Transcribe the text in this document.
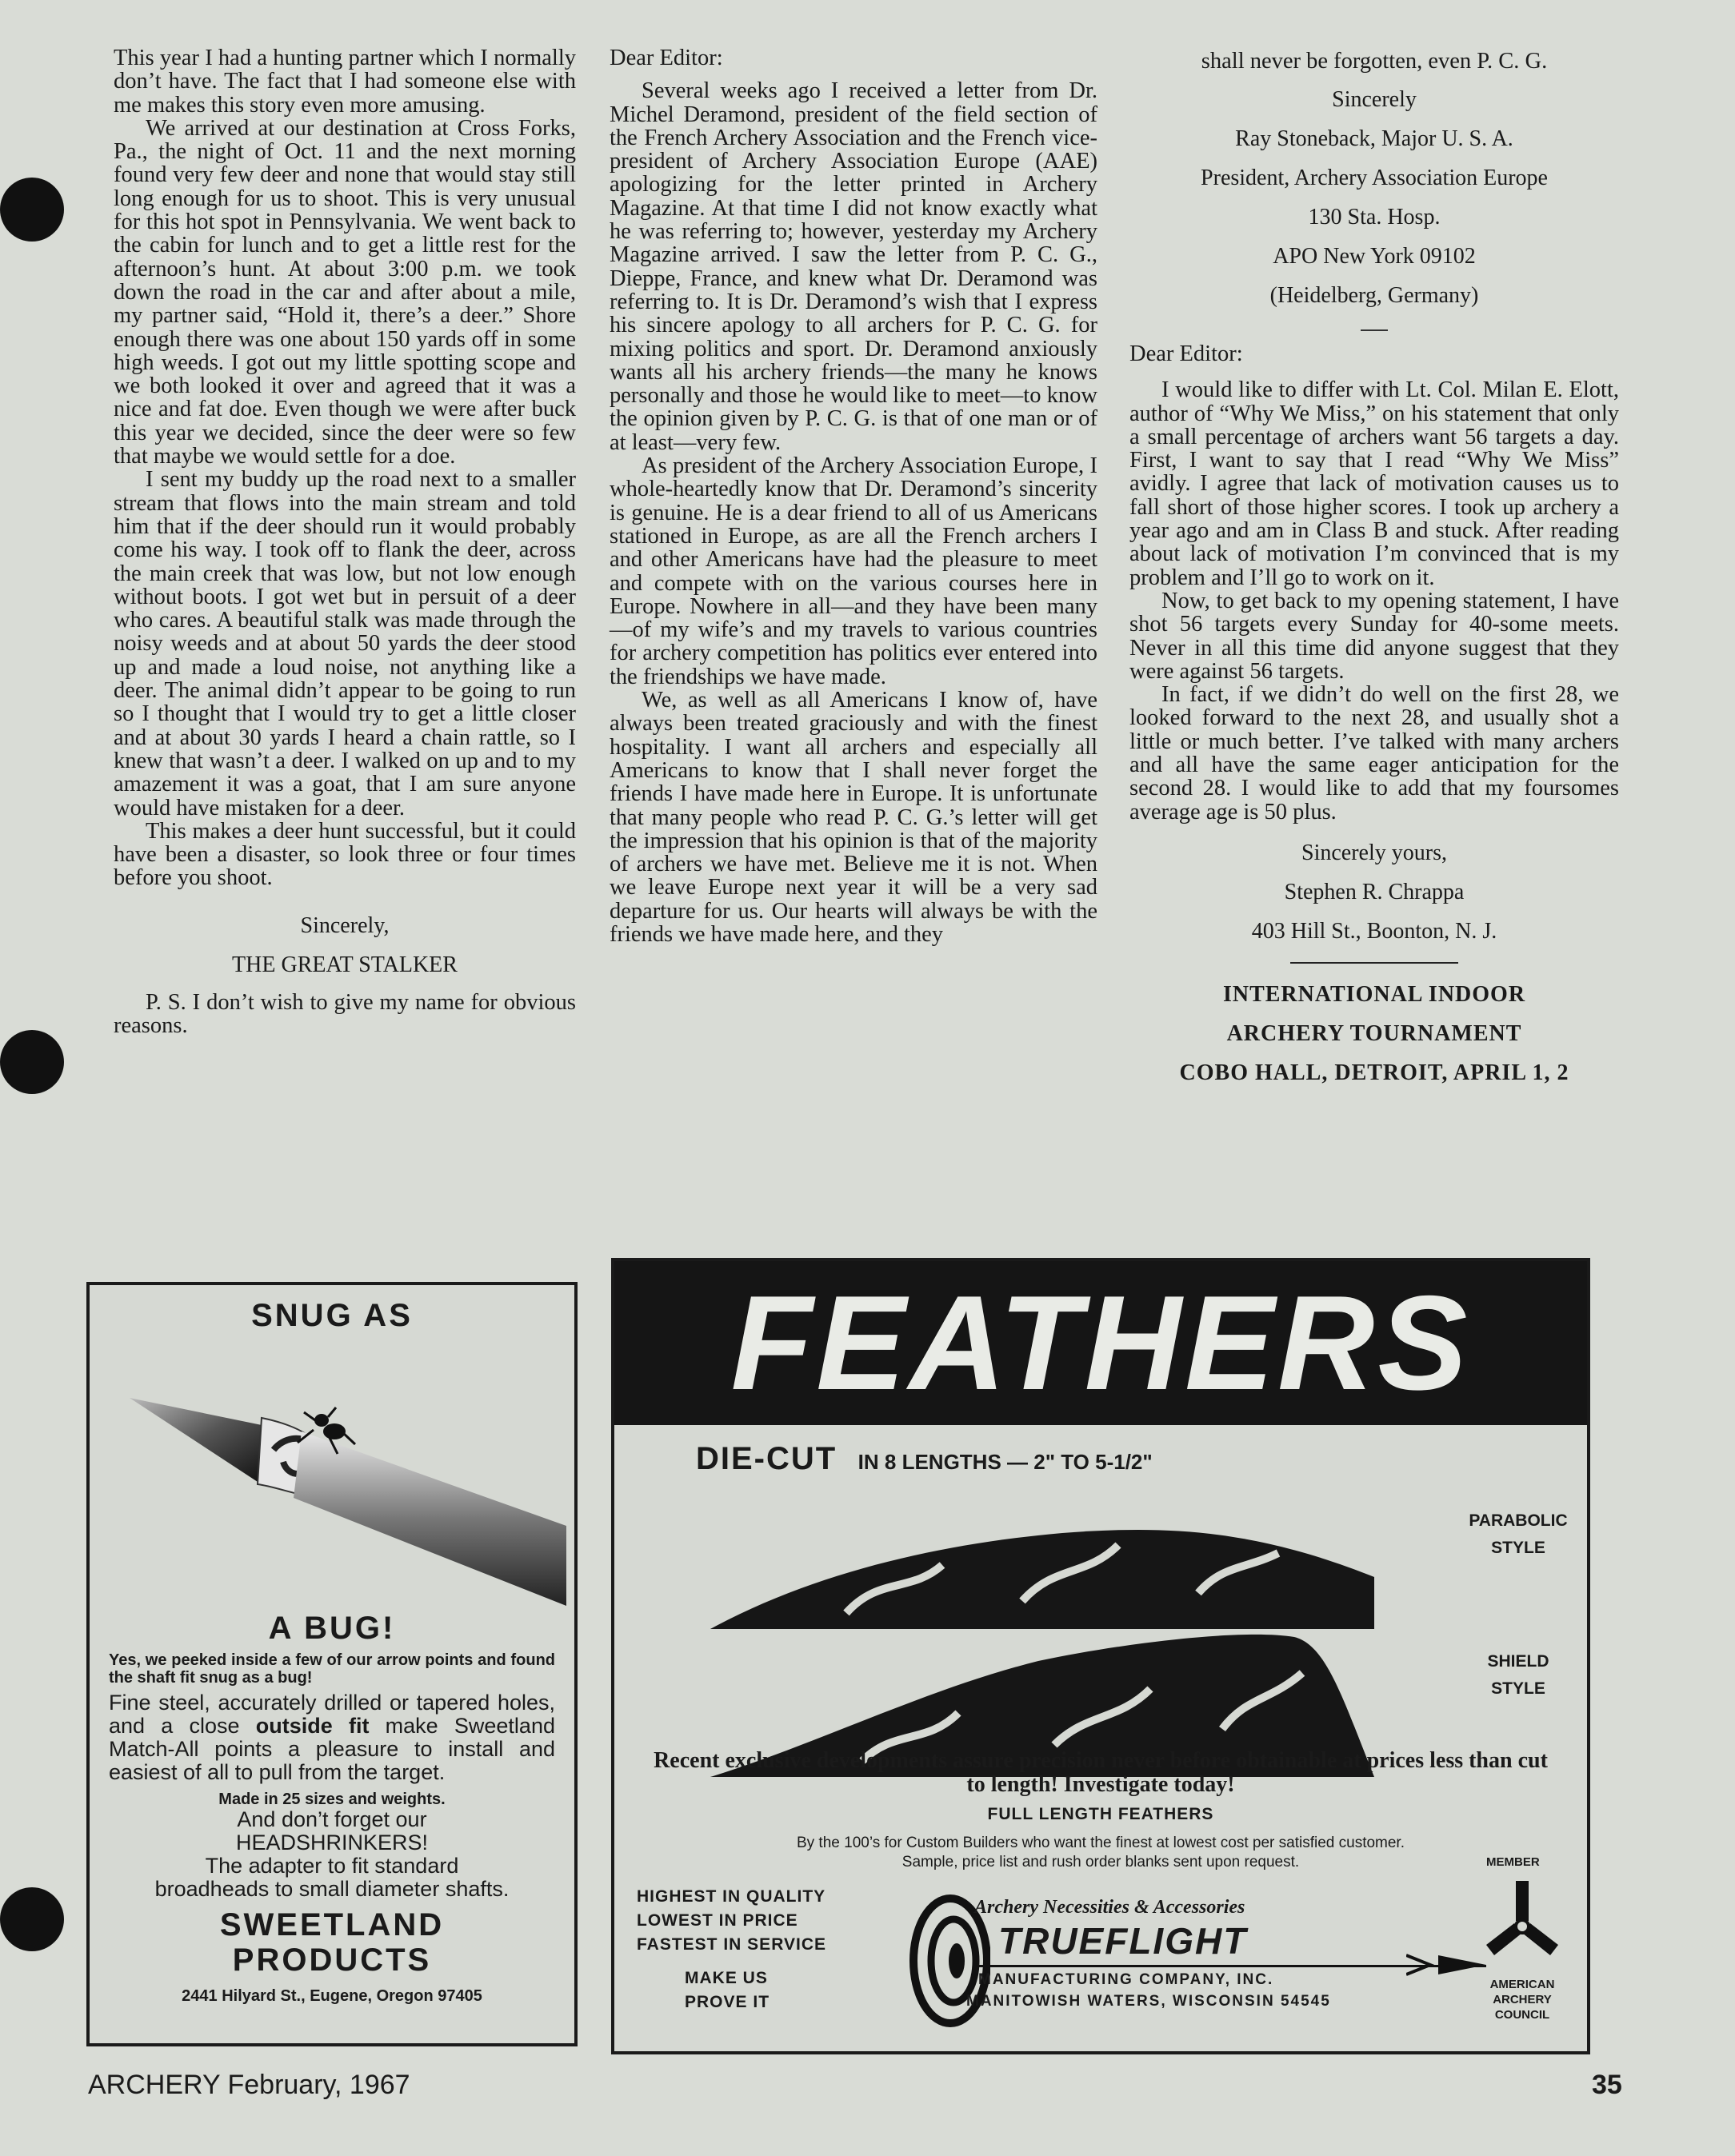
This year I had a hunting partner which I normally don’t have. The fact that I had someone else with me makes this story even more amusing.

We arrived at our destination at Cross Forks, Pa., the night of Oct. 11 and the next morning found very few deer and none that would stay still long enough for us to shoot. This is very unusual for this hot spot in Pennsylvania. We went back to the cabin for lunch and to get a little rest for the afternoon’s hunt. At about 3:00 p.m. we took down the road in the car and after about a mile, my partner said, “Hold it, there’s a deer.” Shore enough there was one about 150 yards off in some high weeds. I got out my little spotting scope and we both looked it over and agreed that it was a nice and fat doe. Even though we were after buck this year we decided, since the deer were so few that maybe we would settle for a doe.

I sent my buddy up the road next to a smaller stream that flows into the main stream and told him that if the deer should run it would probably come his way. I took off to flank the deer, across the main creek that was low, but not low enough without boots. I got wet but in persuit of a deer who cares. A beautiful stalk was made through the noisy weeds and at about 50 yards the deer stood up and made a loud noise, not anything like a deer. The animal didn’t appear to be going to run so I thought that I would try to get a little closer and at about 30 yards I heard a chain rattle, so I knew that wasn’t a deer. I walked on up and to my amazement it was a goat, that I am sure anyone would have mistaken for a deer.

This makes a deer hunt successful, but it could have been a disaster, so look three or four times before you shoot.

Sincerely,

THE GREAT STALKER

P. S. I don’t wish to give my name for obvious reasons.

Dear Editor:

Several weeks ago I received a letter from Dr. Michel Deramond, president of the field section of the French Archery Association and the French vice-president of Archery Association Europe (AAE) apologizing for the letter printed in Archery Magazine. At that time I did not know exactly what he was referring to; however, yesterday my Archery Magazine arrived. I saw the letter from P. C. G., Dieppe, France, and knew what Dr. Deramond was referring to. It is Dr. Deramond’s wish that I express his sincere apology to all archers for P. C. G. for mixing politics and sport. Dr. Deramond anxiously wants all his archery friends—the many he knows personally and those he would like to meet—to know the opinion given by P. C. G. is that of one man or of at least—very few.

As president of the Archery Association Europe, I whole-heartedly know that Dr. Deramond’s sincerity is genuine. He is a dear friend to all of us Americans stationed in Europe, as are all the French archers I and other Americans have had the pleasure to meet and compete with on the various courses here in Europe. Nowhere in all—and they have been many—of my wife’s and my travels to various countries for archery competition has politics ever entered into the friendships we have made.

We, as well as all Americans I know of, have always been treated graciously and with the finest hospitality. I want all archers and especially all Americans to know that I shall never forget the friends I have made here in Europe. It is unfortunate that many people who read P. C. G.’s letter will get the impression that his opinion is that of the majority of archers we have met. Believe me it is not. When we leave Europe next year it will be a very sad departure for us. Our hearts will always be with the friends we have made here, and they

shall never be forgotten, even P. C. G.

Sincerely

Ray Stoneback, Major U. S. A.

President, Archery Association Europe

130 Sta. Hosp.

APO New York 09102

(Heidelberg, Germany)

Dear Editor:

I would like to differ with Lt. Col. Milan E. Elott, author of “Why We Miss,” on his statement that only a small percentage of archers want 56 targets a day. First, I want to say that I read “Why We Miss” avidly. I agree that lack of motivation causes us to fall short of those higher scores. I took up archery a year ago and am in Class B and stuck. After reading about lack of motivation I’m convinced that is my problem and I’ll go to work on it.

Now, to get back to my opening statement, I have shot 56 targets every Sunday for 40-some meets. Never in all this time did anyone suggest that they were against 56 targets.

In fact, if we didn’t do well on the first 28, we looked forward to the next 28, and usually shot a little or much better. I’ve talked with many archers and all have the same eager anticipation for the second 28. I would like to add that my foursomes average age is 50 plus.

Sincerely yours,

Stephen R. Chrappa

403 Hill St., Boonton, N. J.

INTERNATIONAL INDOOR

ARCHERY TOURNAMENT

COBO HALL, DETROIT, APRIL 1, 2

SNUG AS
A BUG!
Yes, we peeked inside a few of our arrow points and found the shaft fit snug as a bug!
Fine steel, accurately drilled or tapered holes, and a close outside fit make Sweetland Match-All points a pleasure to install and easiest of all to pull from the target.
Made in 25 sizes and weights.
And don’t forget our
HEADSHRINKERS!
The adapter to fit standard
broadheads to small diameter shafts.
SWEETLAND
PRODUCTS
2441 Hilyard St., Eugene, Oregon 97405
FEATHERS
DIE-CUT IN 8 LENGTHS — 2" TO 5-1/2"
PARABOLIC
STYLE
SHIELD
STYLE
Recent exclusive developments assure precision never before obtainable at prices less than cut to length! Investigate today!
FULL LENGTH FEATHERS
By the 100’s for Custom Builders who want the finest at lowest cost per satisfied customer.
Sample, price list and rush order blanks sent upon request.	MEMBER
HIGHEST IN QUALITY
LOWEST IN PRICE
FASTEST IN SERVICE
MAKE US
PROVE IT
Archery Necessities & Accessories
TRUEFLIGHT
MANUFACTURING COMPANY, INC.
MANITOWISH WATERS, WISCONSIN 54545
AMERICAN
ARCHERY
COUNCIL
ARCHERY February, 1967	35
